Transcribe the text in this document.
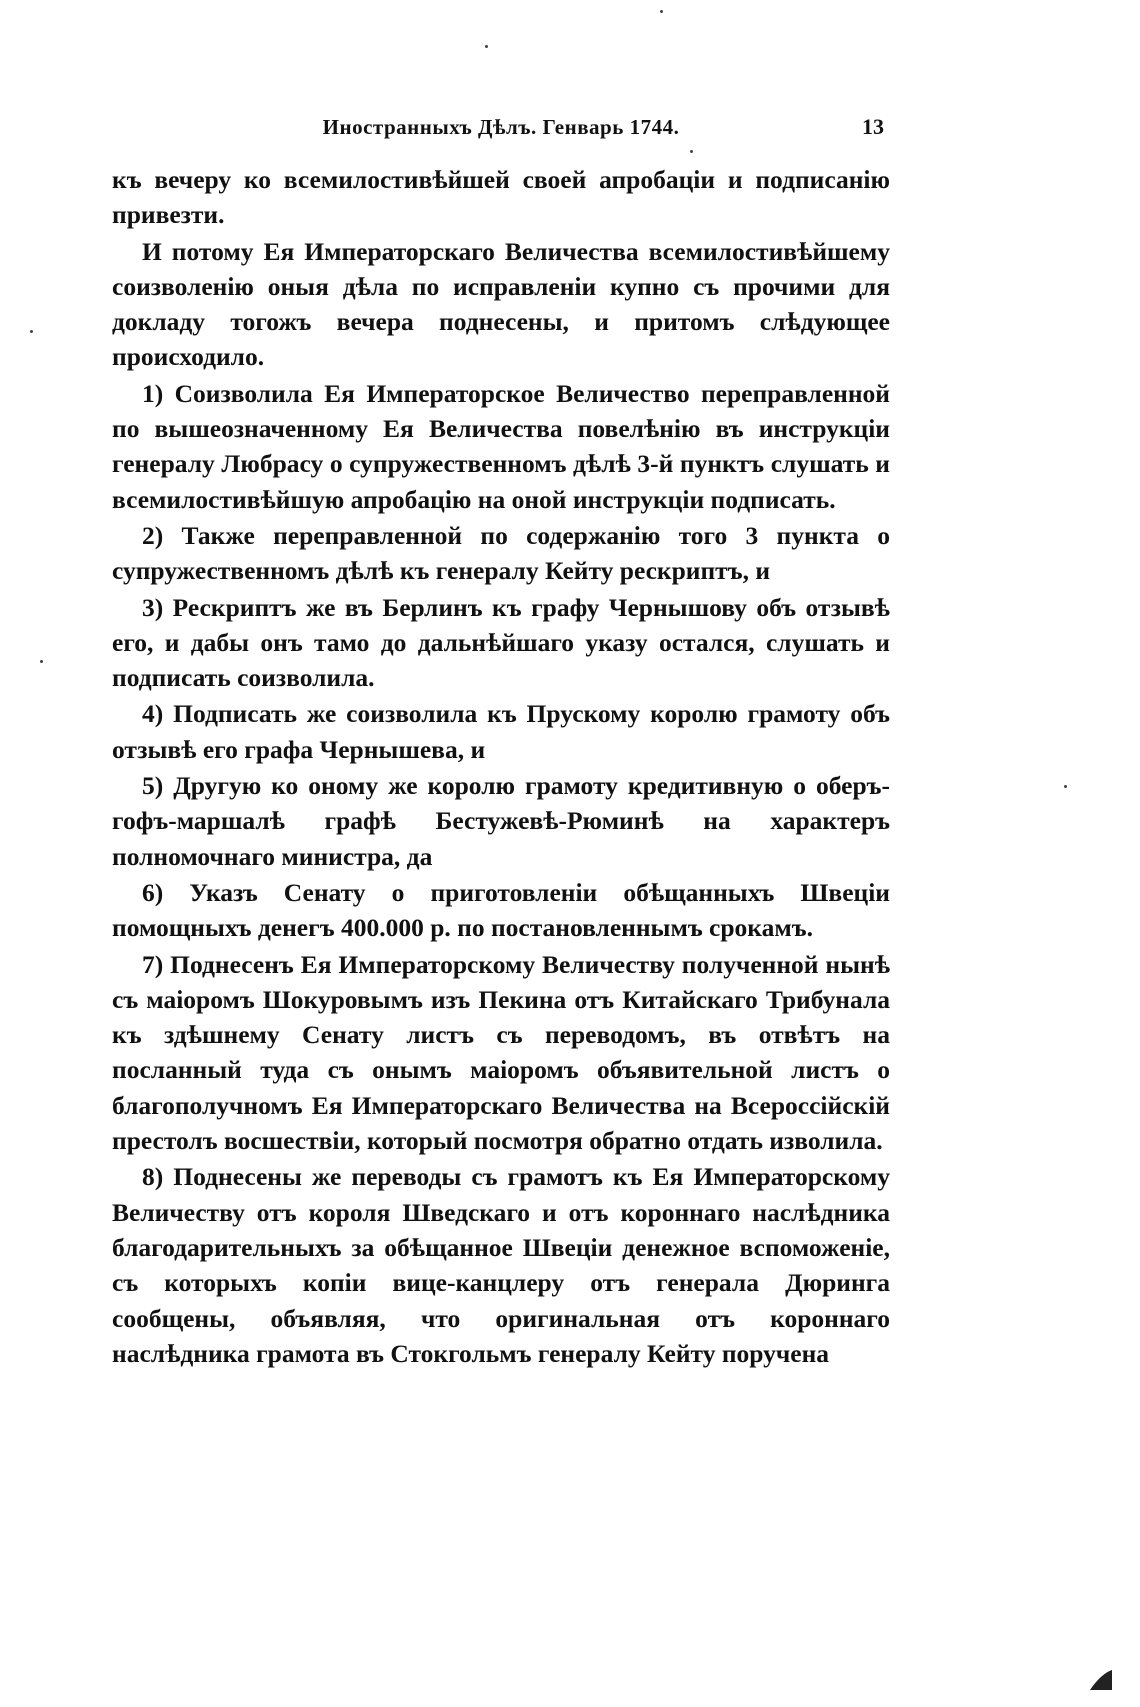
Иностранныхъ Дѣлъ. Генварь 1744.	13

къ вечеру ко всемилостивѣйшей своей апробаціи и подписанію привезти.

И потому Ея Императорскаго Величества всемилостивѣйшему соизволенію оныя дѣла по исправленіи купно съ прочими для докладу тогожъ вечера поднесены, и притомъ слѣдующее происходило.

1) Соизволила Ея Императорское Величество переправленной по вышеозначенному Ея Величества повелѣнію въ инструкціи генералу Любрасу о супружественномъ дѣлѣ 3-й пунктъ слушать и всемилостивѣйшую апробацію на оной инструкціи подписать.

2) Также переправленной по содержанію того 3 пункта о супружественномъ дѣлѣ къ генералу Кейту рескриптъ, и

3) Рескриптъ же въ Берлинъ къ графу Чернышову объ отзывѣ его, и дабы онъ тамо до дальнѣйшаго указу остался, слушать и подписать соизволила.

4) Подписать же соизволила къ Прускому королю грамоту объ отзывѣ его графа Чернышева, и

5) Другую ко оному же королю грамоту кредитивную о оберъ-гофъ-маршалѣ графѣ Бестужевѣ-Рюминѣ на характеръ полномочнаго министра, да

6) Указъ Сенату о приготовленіи обѣщанныхъ Швеціи помощныхъ денегъ 400.000 р. по постановленнымъ срокамъ.

7) Поднесенъ Ея Императорскому Величеству полученной нынѣ съ маіоромъ Шокуровымъ изъ Пекина отъ Китайскаго Трибунала къ здѣшнему Сенату листъ съ переводомъ, въ отвѣтъ на посланный туда съ онымъ маіоромъ объявительной листъ о благополучномъ Ея Императорскаго Величества на Всероссійскій престолъ восшествіи, который посмотря обратно отдать изволила.

8) Поднесены же переводы съ грамотъ къ Ея Императорскому Величеству отъ короля Шведскаго и отъ короннаго наслѣдника благодарительныхъ за обѣщанное Швеціи денежное вспоможеніе, съ которыхъ копіи вице-канцлеру отъ генерала Дюринга сообщены, объявляя, что оригинальная отъ короннаго наслѣдника грамота въ Стокгольмъ генералу Кейту поручена
